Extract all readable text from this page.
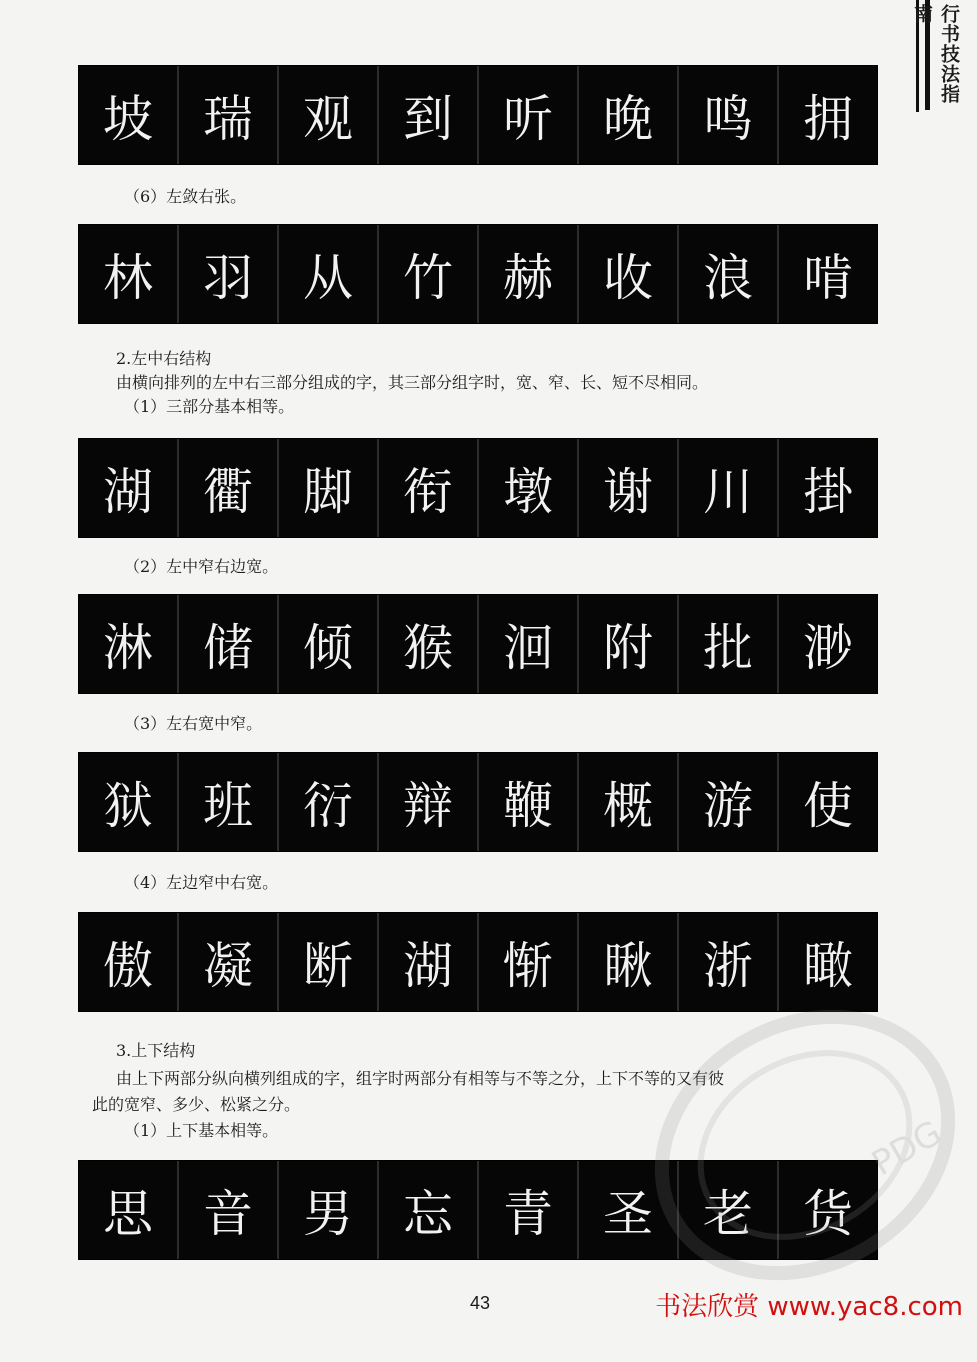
行书技法指南
坡	瑞	观	到	听	晚	鸣	拥
（6）左敛右张。
林	羽	从	竹	赫	收	浪	啃
2.左中右结构
由横向排列的左中右三部分组成的字，其三部分组字时，宽、窄、长、短不尽相同。
（1）三部分基本相等。
湖	衢	脚	衔	墩	谢	川	掛
（2）左中窄右边宽。
淋	储	倾	猴	洄	附	批	渺
（3）左右宽中窄。
狱	班	衍	辩	鞭	概	游	使
（4）左边窄中右宽。
傲	凝	断	湖	惭	瞅	浙	瞰
3.上下结构
由上下两部分纵向横列组成的字，组字时两部分有相等与不等之分，上下不等的又有彼
此的宽窄、多少、松紧之分。
（1）上下基本相等。
思	音	男	忘	青	圣	老	货
PDG
43	书法欣赏 www.yac8.com
